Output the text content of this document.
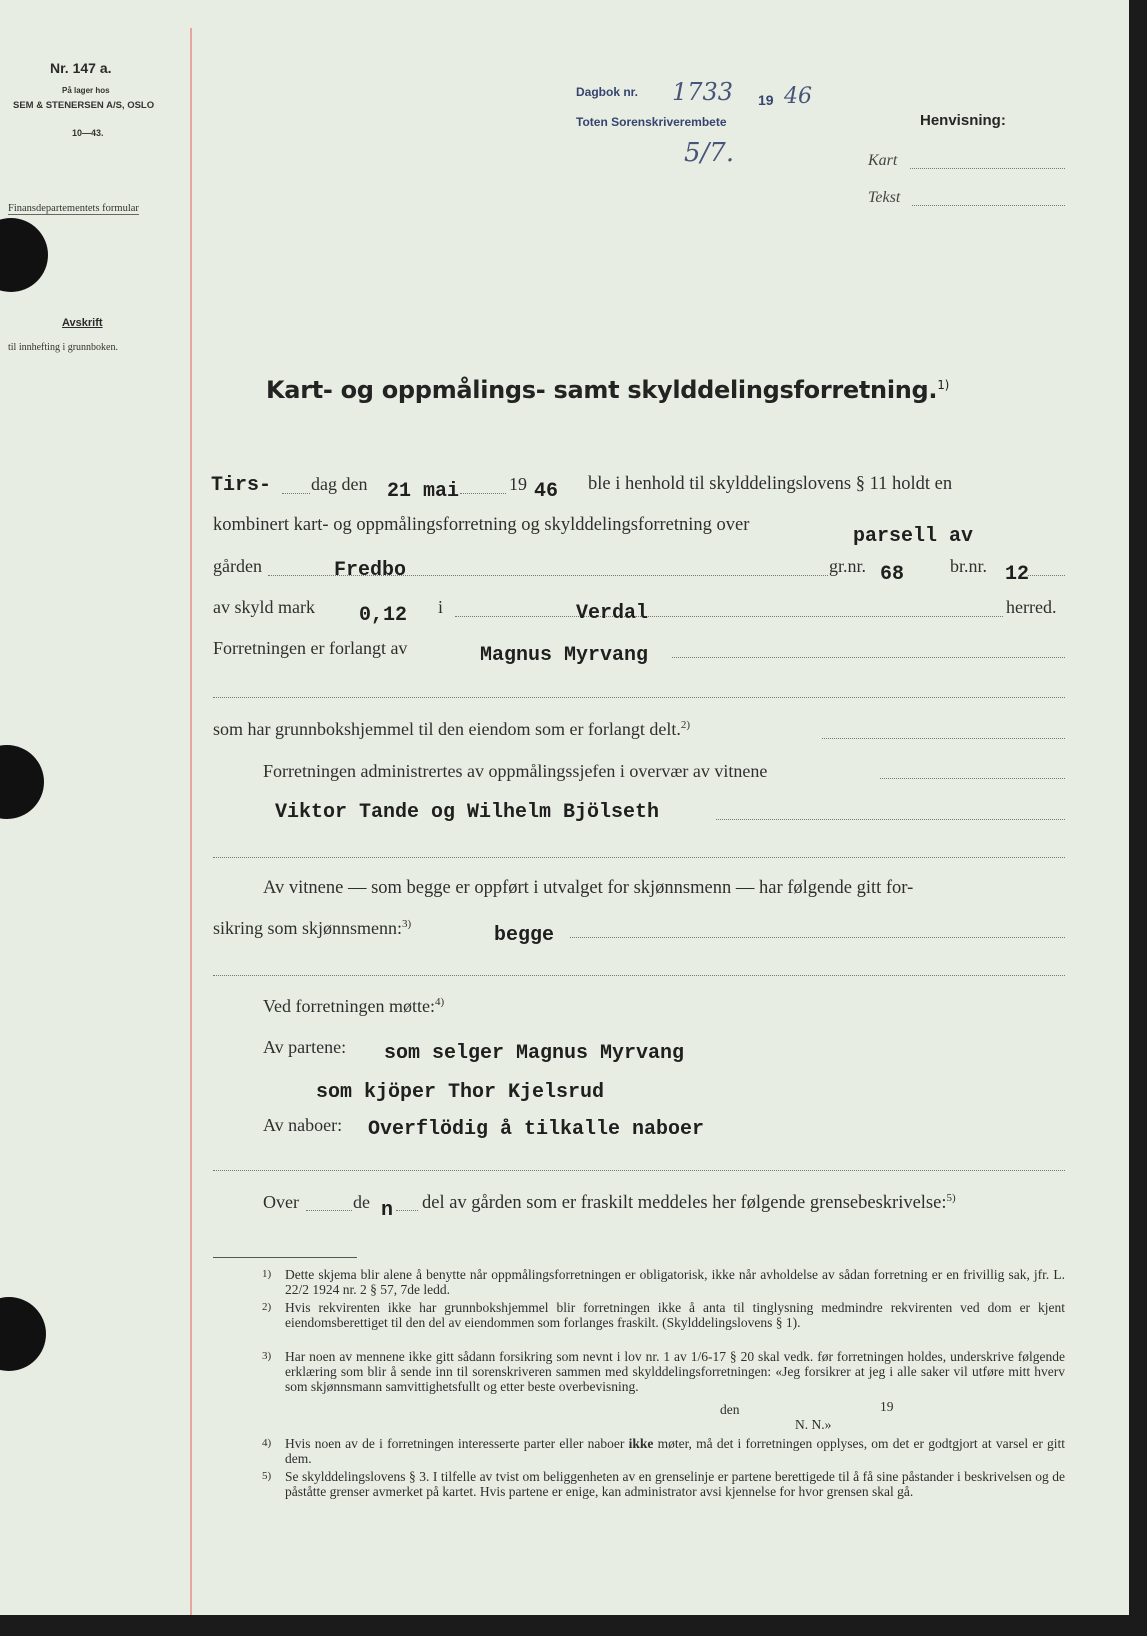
Nr. 147 a.
På lager hos
SEM & STENERSEN A/S, OSLO
10—43.
Finansdepartementets formular
Avskrift
til innhefting i grunnboken.
Dagbok nr. 1733 19 46
Toten Sorenskriverembete
5/7.
Henvisning:
Kart
Tekst
Kart- og oppmålings- samt skylddelingsforretning.$^{1)}$
Tirs- dag den 21 mai	19 46 ble i henhold til skylddelingslovens § 11 holdt en
kombinert kart- og oppmålingsforretning og skylddelingsforretning over	parsell av
gården	Fredbo	gr.nr. 68	br.nr. 12
av skyld mark 0,12 i	Verdal	herred.
Forretningen er forlangt av	Magnus Myrvang
som har grunnbokshjemmel til den eiendom som er forlangt delt.$^{2)}$
Forretningen administrertes av oppmålingssjefen i overvær av vitnene
Viktor Tande og Wilhelm Bjölseth
Av vitnene — som begge er oppført i utvalget for skjønnsmenn — har følgende gitt for-
sikring som skjønnsmenn:$^{3)}$	begge
Ved forretningen møtte:$^{4)}$
Av partene: som selger Magnus Myrvang
som kjöper Thor Kjelsrud
Av naboer: Overflödig å tilkalle naboer
Over	de n del av gården som er fraskilt meddeles her følgende grensebeskrivelse:$^{5)}$
1) Dette skjema blir alene å benytte når oppmålingsforretningen er obligatorisk, ikke når avholdelse av sådan forretning er en frivillig sak, jfr. L. 22/2 1924 nr. 2 § 57, 7de ledd.
2) Hvis rekvirenten ikke har grunnbokshjemmel blir forretningen ikke å anta til tinglysning medmindre rekvirenten ved dom er kjent eiendomsberettiget til den del av eiendommen som forlanges fraskilt. (Skylddelingslovens § 1).
3) Har noen av mennene ikke gitt sådann forsikring som nevnt i lov nr. 1 av 1/6-17 § 20 skal vedk. før forretningen holdes, underskrive følgende erklæring som blir å sende inn til sorenskriveren sammen med skylddelingsforretningen: «Jeg forsikrer at jeg i alle saker vil utføre mitt hverv som skjønnsmann samvittighetsfullt og etter beste overbevisning.
den	19
N. N.»
4) Hvis noen av de i forretningen interesserte parter eller naboer ikke møter, må det i forretningen opplyses, om det er godtgjort at varsel er gitt dem.
5) Se skylddelingslovens § 3. I tilfelle av tvist om beliggenheten av en grenselinje er partene berettigede til å få sine påstander i beskrivelsen og de påståtte grenser avmerket på kartet. Hvis partene er enige, kan administrator avsi kjennelse for hvor grensen skal gå.
